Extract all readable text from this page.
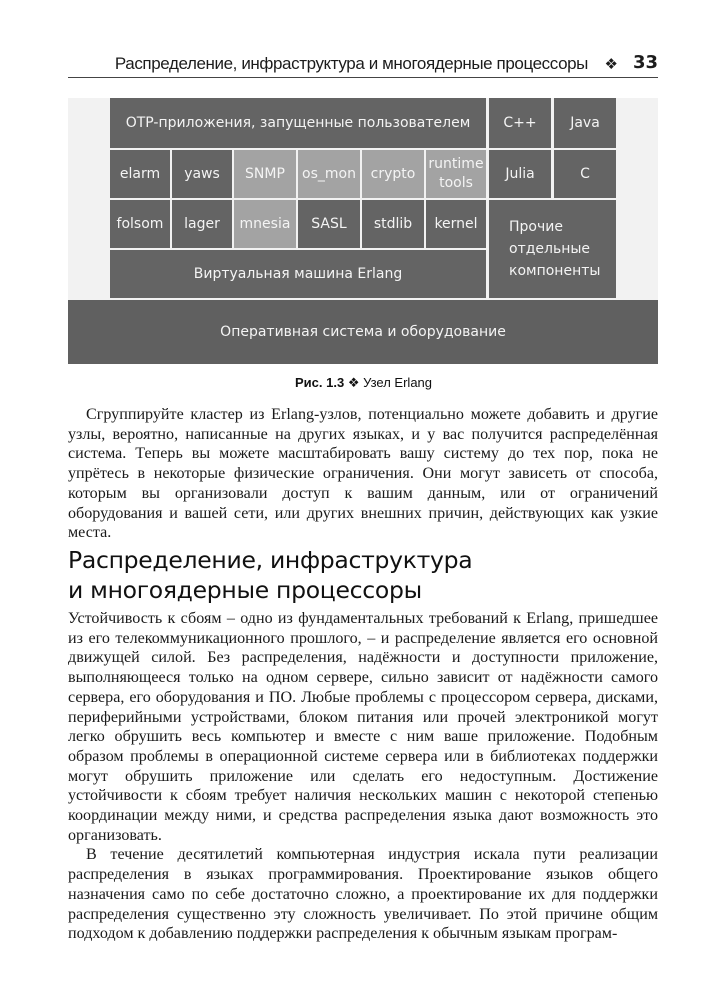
Распределение, инфраструктура и многоядерные процессоры ❖ 33
OTP-приложения, запущенные пользователем	C++	Java
elarm	yaws	SNMP	os_mon	crypto
runtime tools
Julia	C
folsom	lager	mnesia	SASL	stdlib	kernel	Прочие отдельные компоненты
Виртуальная машина Erlang
Оперативная система и оборудование
Рис. 1.3 ❖ Узел Erlang

Сгруппируйте кластер из Erlang-узлов, потенциально можете добавить и другие узлы, вероятно, написанные на других языках, и у вас получится распределённая система. Теперь вы можете масштабировать вашу систему до тех пор, пока не упрётесь в некоторые физические ограничения. Они могут зависеть от способа, которым вы организовали доступ к вашим данным, или от ограничений оборудования и вашей сети, или других внешних причин, действующих как узкие места.

Распределение, инфраструктура
и многоядерные процессоры

Устойчивость к сбоям – одно из фундаментальных требований к Erlang, пришедшее из его телекоммуникационного прошлого, – и распределение является его основной движущей силой. Без распределения, надёжности и доступности приложение, выполняющееся только на одном сервере, сильно зависит от надёжности самого сервера, его оборудования и ПО. Любые проблемы с процессором сервера, дисками, периферийными устройствами, блоком питания или прочей электроникой могут легко обрушить весь компьютер и вместе с ним ваше приложение. Подобным образом проблемы в операционной системе сервера или в библиотеках поддержки могут обрушить приложение или сделать его недоступным. Достижение устойчивости к сбоям требует наличия нескольких машин с некоторой степенью координации между ними, и средства распределения языка дают возможность это организовать.

В течение десятилетий компьютерная индустрия искала пути реализации распределения в языках программирования. Проектирование языков общего назначения само по себе достаточно сложно, а проектирование их для поддержки распределения существенно эту сложность увеличивает. По этой причине общим подходом к добавлению поддержки распределения к обычным языкам програм-
